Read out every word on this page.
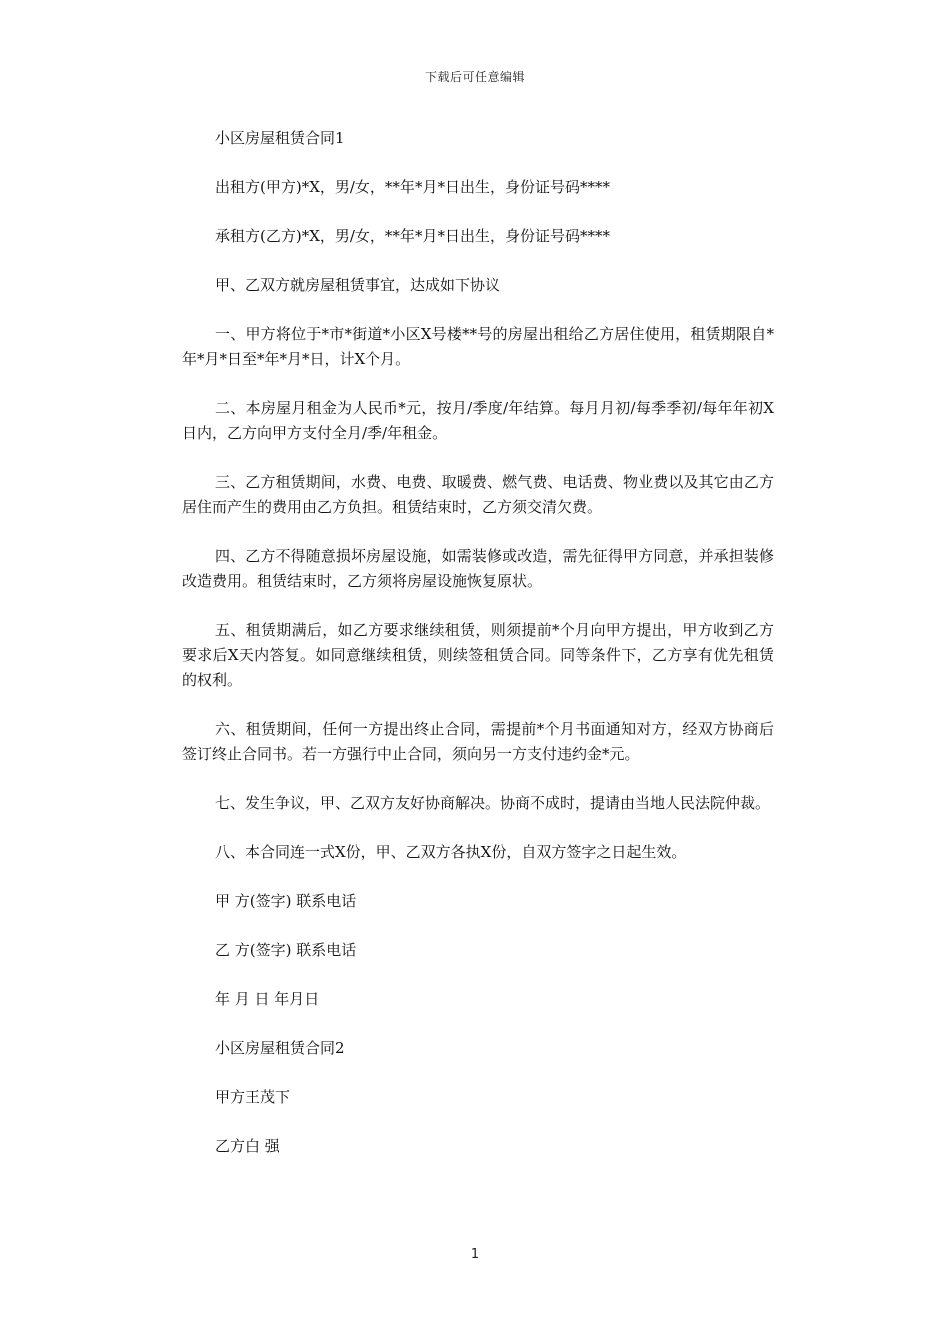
下载后可任意编辑

小区房屋租赁合同1

出租方(甲方)*X，男/女，**年*月*日出生，身份证号码****

承租方(乙方)*X，男/女，**年*月*日出生，身份证号码****

甲、乙双方就房屋租赁事宜，达成如下协议

一、甲方将位于*市*街道*小区X号楼**号的房屋出租给乙方居住使用，租赁期限自*年*月*日至*年*月*日，计X个月。

二、本房屋月租金为人民币*元，按月/季度/年结算。每月月初/每季季初/每年年初X日内，乙方向甲方支付全月/季/年租金。

三、乙方租赁期间，水费、电费、取暖费、燃气费、电话费、物业费以及其它由乙方居住而产生的费用由乙方负担。租赁结束时，乙方须交清欠费。

四、乙方不得随意损坏房屋设施，如需装修或改造，需先征得甲方同意，并承担装修改造费用。租赁结束时，乙方须将房屋设施恢复原状。

五、租赁期满后，如乙方要求继续租赁，则须提前*个月向甲方提出，甲方收到乙方要求后X天内答复。如同意继续租赁，则续签租赁合同。同等条件下，乙方享有优先租赁的权利。

六、租赁期间，任何一方提出终止合同，需提前*个月书面通知对方，经双方协商后签订终止合同书。若一方强行中止合同，须向另一方支付违约金*元。

七、发生争议，甲、乙双方友好协商解决。协商不成时，提请由当地人民法院仲裁。

八、本合同连一式X份，甲、乙双方各执X份，自双方签字之日起生效。

甲 方(签字) 联系电话

乙 方(签字) 联系电话

年 月 日 年月日

小区房屋租赁合同2

甲方王茂下

乙方白 强

1
